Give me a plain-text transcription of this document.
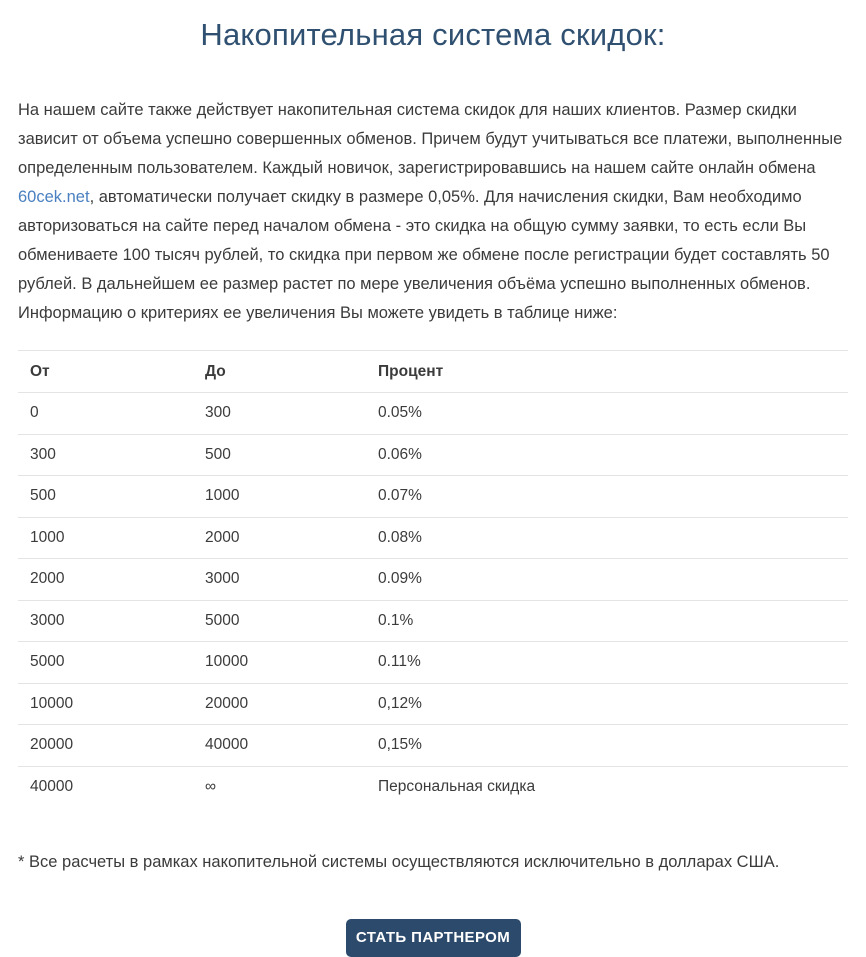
Накопительная система скидок:

На нашем сайте также действует накопительная система скидок для наших клиентов. Размер скидки зависит от объема успешно совершенных обменов. Причем будут учитываться все платежи, выполненные определенным пользователем. Каждый новичок, зарегистрировавшись на нашем сайте онлайн обмена 60cek.net, автоматически получает скидку в размере 0,05%. Для начисления скидки, Вам необходимо авторизоваться на сайте перед началом обмена - это скидка на общую сумму заявки, то есть если Вы обмениваете 100 тысяч рублей, то скидка при первом же обмене после регистрации будет составлять 50 рублей. В дальнейшем ее размер растет по мере увеличения объёма успешно выполненных обменов. Информацию о критериях ее увеличения Вы можете увидеть в таблице ниже:

От	До	Процент
0	300	0.05%
300	500	0.06%
500	1000	0.07%
1000	2000	0.08%
2000	3000	0.09%
3000	5000	0.1%
5000	10000	0.11%
10000	20000	0,12%
20000	40000	0,15%
40000	∞	Персональная скидка

* Все расчеты в рамках накопительной системы осуществляются исключительно в долларах США.

СТАТЬ ПАРТНЕРОМ
